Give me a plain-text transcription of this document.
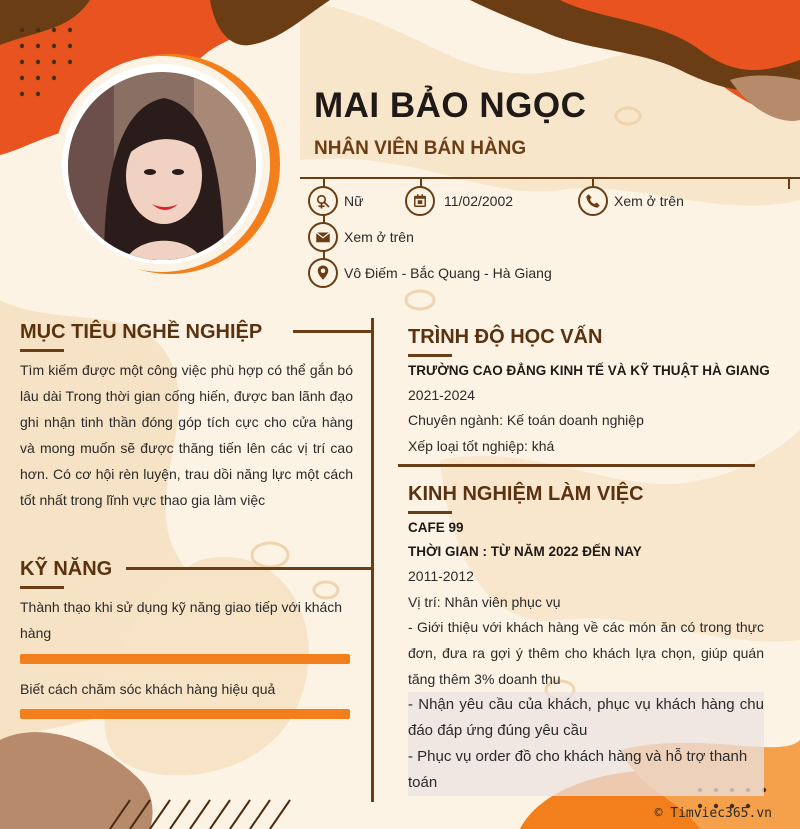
MAI BẢO NGỌC
NHÂN VIÊN BÁN HÀNG
Nữ	11/02/2002	Xem ở trên
Xem ở trên
Vô Điếm - Bắc Quang - Hà Giang
MỤC TIÊU NGHỀ NGHIỆP
Tìm kiếm được một công việc phù hợp có thể gắn bó lâu dài Trong thời gian cống hiến, được ban lãnh đạo ghi nhận tinh thần đóng góp tích cực cho cửa hàng và mong muốn sẽ được thăng tiến lên các vị trí cao hơn. Có cơ hội rèn luyện, trau dồi năng lực một cách tốt nhất trong lĩnh vực thao gia làm việc
KỸ NĂNG
Thành thạo khi sử dụng kỹ năng giao tiếp với khách hàng
Biết cách chăm sóc khách hàng hiệu quả
TRÌNH ĐỘ HỌC VẤN
TRƯỜNG CAO ĐẲNG KINH TẾ VÀ KỸ THUẬT HÀ GIANG
2021-2024
Chuyên ngành: Kế toán doanh nghiệp
Xếp loại tốt nghiệp: khá
KINH NGHIỆM LÀM VIỆC
CAFE 99
THỜI GIAN : TỪ NĂM 2022 ĐẾN NAY
2011-2012
Vị trí: Nhân viên phục vụ
- Giới thiệu với khách hàng về các món ăn có trong thực đơn, đưa ra gợi ý thêm cho khách lựa chọn, giúp quán tăng thêm 3% doanh thu
- Nhận yêu cầu của khách, phục vụ khách hàng chu đáo đáp ứng đúng yêu cầu
- Phục vụ order đồ cho khách hàng và hỗ trợ thanh toán
© Timviec365.vn
